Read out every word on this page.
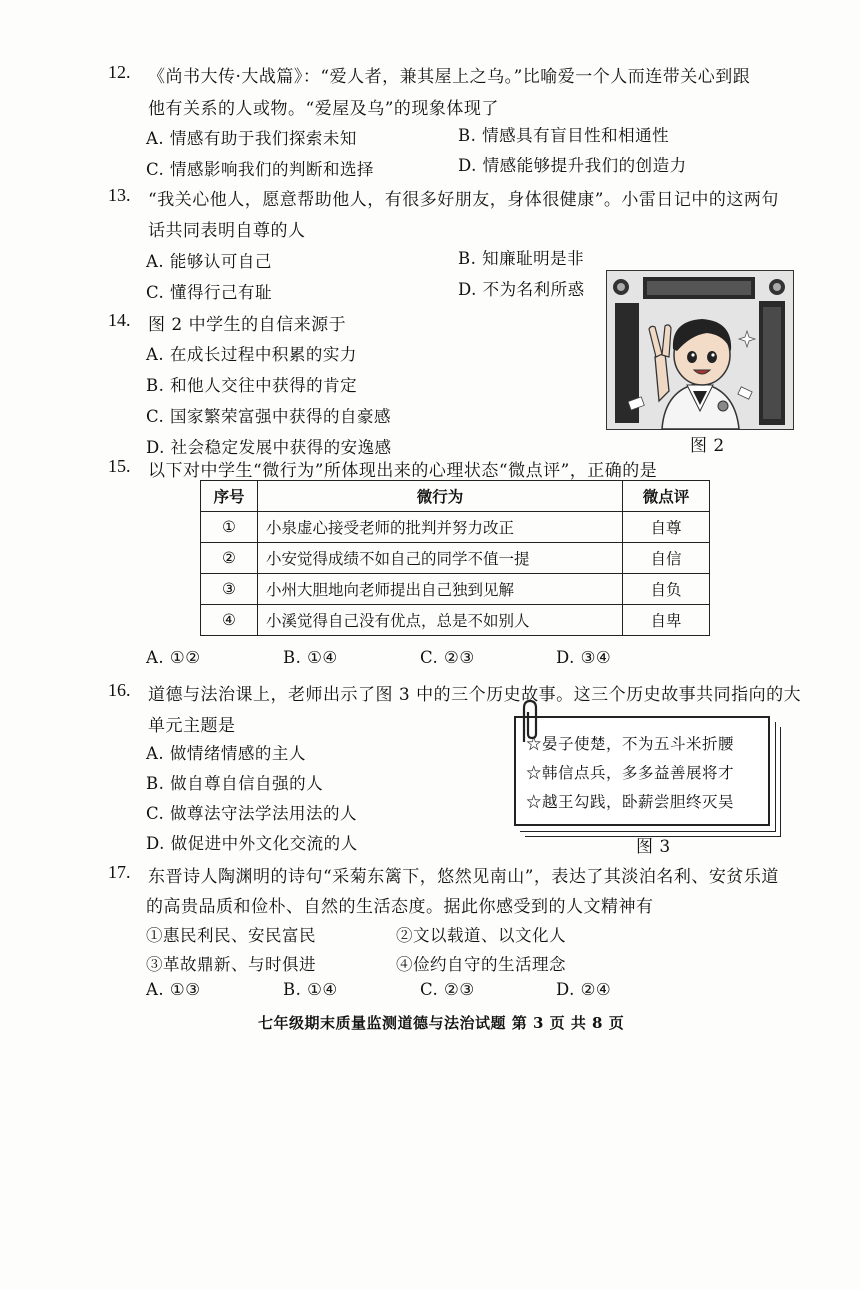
12. 《尚书大传·大战篇》：“爱人者，兼其屋上之乌。”比喻爱一个人而连带关心到跟
他有关系的人或物。“爱屋及乌”的现象体现了
A. 情感有助于我们探索未知	B. 情感具有盲目性和相通性
C. 情感影响我们的判断和选择	D. 情感能够提升我们的创造力
13. “我关心他人，愿意帮助他人，有很多好朋友，身体很健康”。小雷日记中的这两句
话共同表明自尊的人
A. 能够认可自己	B. 知廉耻明是非
C. 懂得行己有耻	D. 不为名利所惑
14. 图 2 中学生的自信来源于
A. 在成长过程中积累的实力
B. 和他人交往中获得的肯定
C. 国家繁荣富强中获得的自豪感
D. 社会稳定发展中获得的安逸感	图 2
15. 以下对中学生“微行为”所体现出来的心理状态“微点评”，正确的是
序号	微行为	微点评
①	小泉虚心接受老师的批判并努力改正	自尊
②	小安觉得成绩不如自己的同学不值一提	自信
③	小州大胆地向老师提出自己独到见解	自负
④	小溪觉得自己没有优点，总是不如别人	自卑
A. ①②	B. ①④	C. ②③	D. ③④
16. 道德与法治课上，老师出示了图 3 中的三个历史故事。这三个历史故事共同指向的大
单元主题是
A. 做情绪情感的主人
B. 做自尊自信自强的人
C. 做尊法守法学法用法的人
D. 做促进中外文化交流的人
☆晏子使楚，不为五斗米折腰
☆韩信点兵，多多益善展将才
☆越王勾践，卧薪尝胆终灭吴
图 3
17. 东晋诗人陶渊明的诗句“采菊东篱下，悠然见南山”，表达了其淡泊名利、安贫乐道
的高贵品质和俭朴、自然的生活态度。据此你感受到的人文精神有
①惠民利民、安民富民	②文以载道、以文化人
③革故鼎新、与时俱进	④俭约自守的生活理念
A. ①③	B. ①④	C. ②③	D. ②④
七年级期末质量监测道德与法治试题 第 3 页 共 8 页
